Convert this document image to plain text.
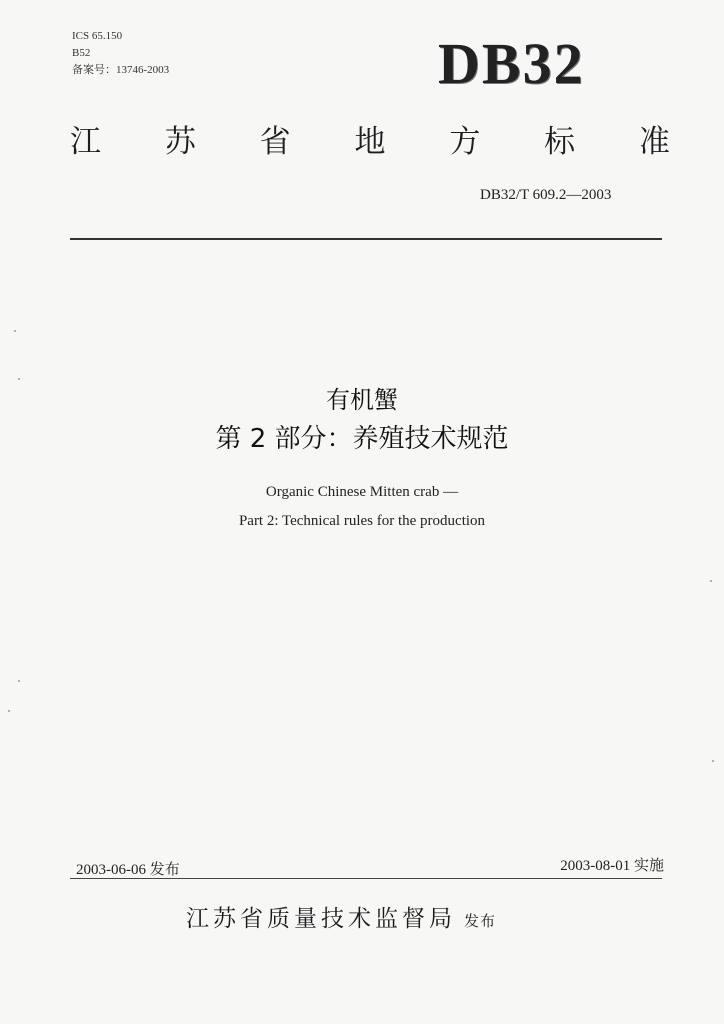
ICS 65.150
B52
备案号：13746-2003	DB32
江 苏 省 地 方 标 准
DB32/T 609.2—2003
有机蟹
第 2 部分：养殖技术规范
Organic Chinese Mitten crab —
Part 2: Technical rules for the production
2003-06-06 发布	2003-08-01 实施
江苏省质量技术监督局 发布
